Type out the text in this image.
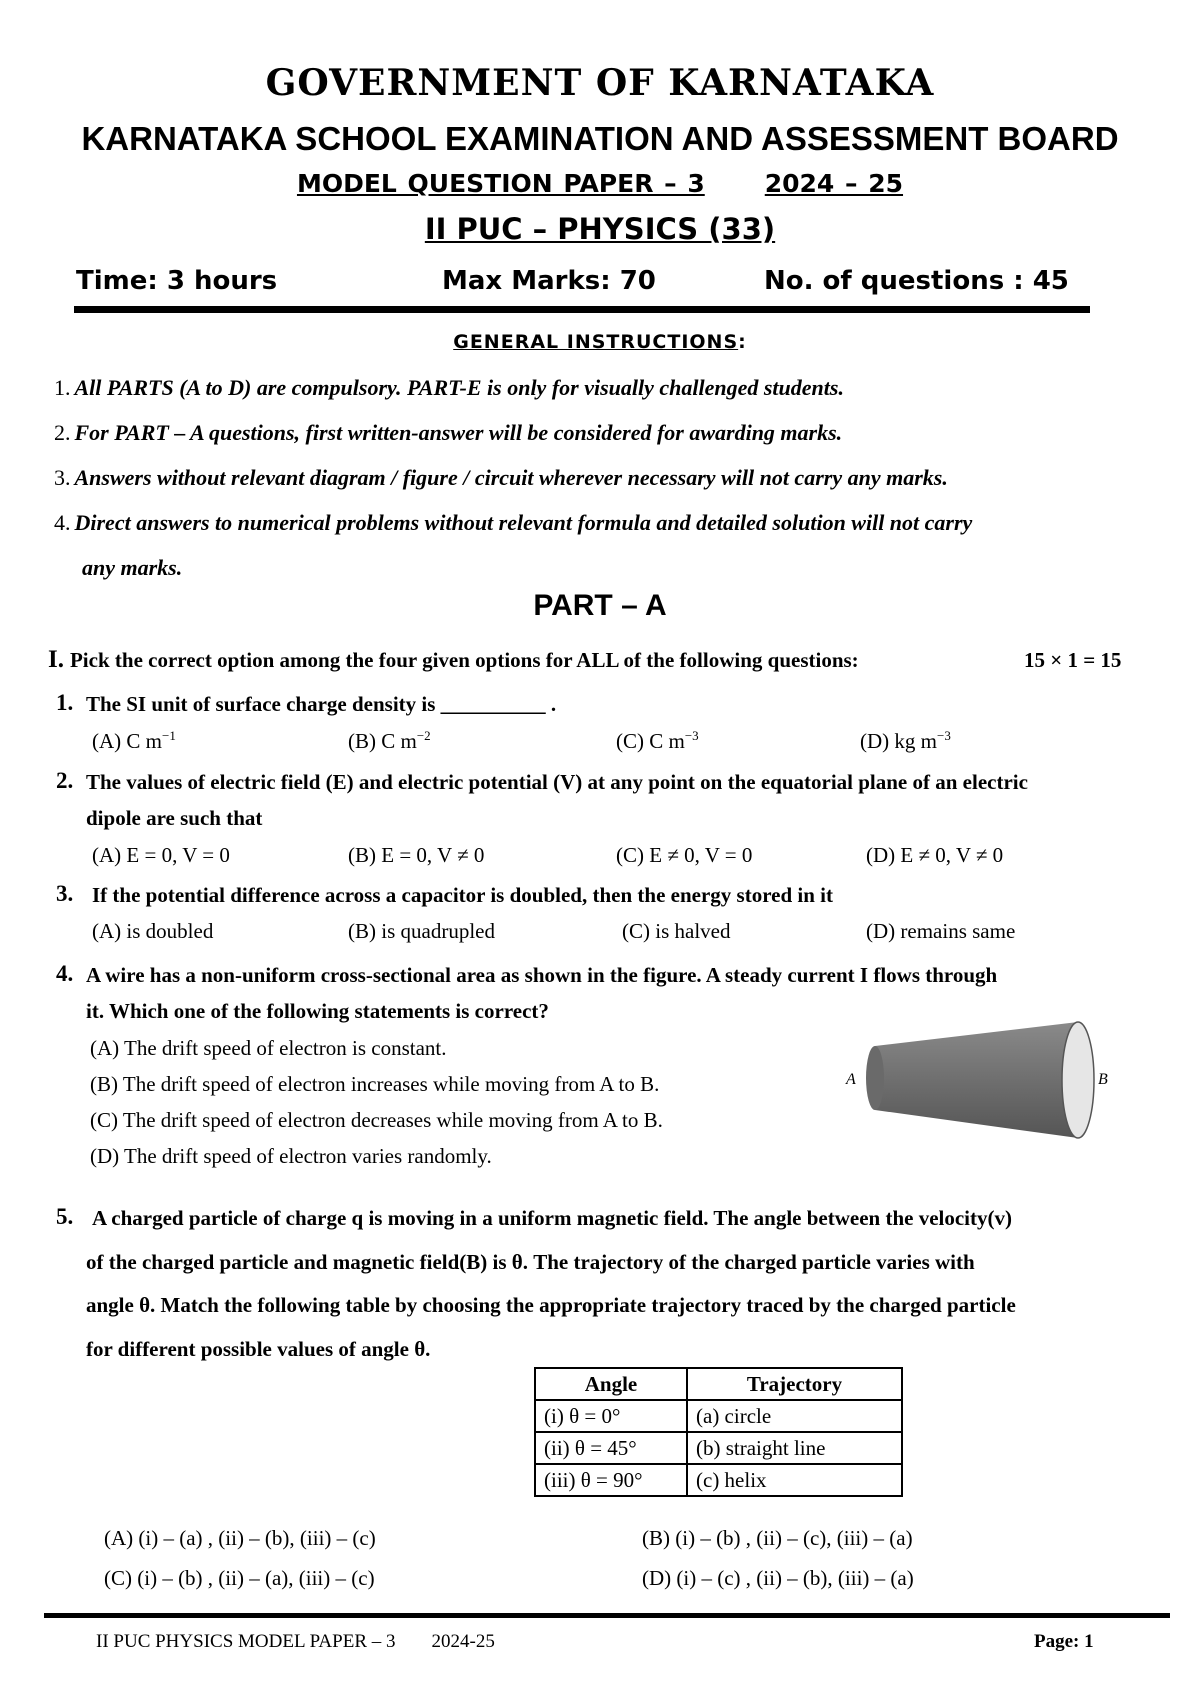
GOVERNMENT OF KARNATAKA
KARNATAKA SCHOOL EXAMINATION AND ASSESSMENT BOARD
MODEL QUESTION PAPER – 3 2024 – 25
II PUC – PHYSICS (33)
Time: 3 hours	Max Marks: 70	No. of questions : 45
GENERAL INSTRUCTIONS:
1. All PARTS (A to D) are compulsory. PART-E is only for visually challenged students.
2. For PART – A questions, first written-answer will be considered for awarding marks.
3. Answers without relevant diagram / figure / circuit wherever necessary will not carry any marks.
4. Direct answers to numerical problems without relevant formula and detailed solution will not carry
any marks.
PART – A
I. Pick the correct option among the four given options for ALL of the following questions:	15 × 1 = 15
1. The SI unit of surface charge density is __________ .
(A) C $m^{-1}$	(B) C $m^{-2}$	(C) C $m^{-3}$	(D) kg $m^{-3}$
2. The values of electric field (E) and electric potential (V) at any point on the equatorial plane of an electric
dipole are such that
(A) E = 0, V = 0	(B) E = 0, V ≠ 0	(C) E ≠ 0, V = 0	(D) E ≠ 0, V ≠ 0
3. If the potential difference across a capacitor is doubled, then the energy stored in it
(A) is doubled	(B) is quadrupled	(C) is halved	(D) remains same
4. A wire has a non-uniform cross-sectional area as shown in the figure. A steady current I flows through
it. Which one of the following statements is correct?
(A) The drift speed of electron is constant.
(B) The drift speed of electron increases while moving from A to B.
(C) The drift speed of electron decreases while moving from A to B.
(D) The drift speed of electron varies randomly.
A	B
5. A charged particle of charge q is moving in a uniform magnetic field. The angle between the velocity(v)
of the charged particle and magnetic field(B) is θ. The trajectory of the charged particle varies with
angle θ. Match the following table by choosing the appropriate trajectory traced by the charged particle
for different possible values of angle θ.
Angle	Trajectory
(i) θ = 0°	(a) circle
(ii) θ = 45°	(b) straight line
(iii) θ = 90°	(c) helix
(A) (i) – (a) , (ii) – (b), (iii) – (c)	(B) (i) – (b) , (ii) – (c), (iii) – (a)
(C) (i) – (b) , (ii) – (a), (iii) – (c)	(D) (i) – (c) , (ii) – (b), (iii) – (a)
II PUC PHYSICS MODEL PAPER – 3 2024-25	Page: 1
